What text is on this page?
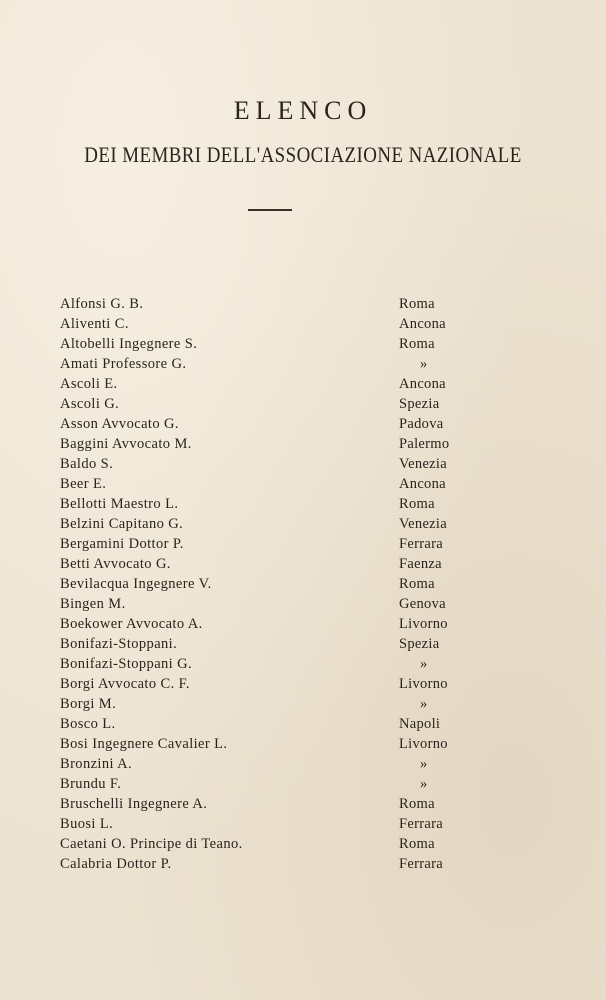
ELENCO
DEI MEMBRI DELL'ASSOCIAZIONE NAZIONALE
Alfonsi G. B.	Roma
Aliventi C.	Ancona
Altobelli Ingegnere S.	Roma
Amati Professore G.	»
Ascoli E.	Ancona
Ascoli G.	Spezia
Asson Avvocato G.	Padova
Baggini Avvocato M.	Palermo
Baldo S.	Venezia
Beer E.	Ancona
Bellotti Maestro L.	Roma
Belzini Capitano G.	Venezia
Bergamini Dottor P.	Ferrara
Betti Avvocato G.	Faenza
Bevilacqua Ingegnere V.	Roma
Bingen M.	Genova
Boekower Avvocato A.	Livorno
Bonifazi-Stoppani.	Spezia
Bonifazi-Stoppani G.	»
Borgi Avvocato C. F.	Livorno
Borgi M.	»
Bosco L.	Napoli
Bosi Ingegnere Cavalier L.	Livorno
Bronzini A.	»
Brundu F.	»
Bruschelli Ingegnere A.	Roma
Buosi L.	Ferrara
Caetani O. Principe di Teano.	Roma
Calabria Dottor P.	Ferrara
